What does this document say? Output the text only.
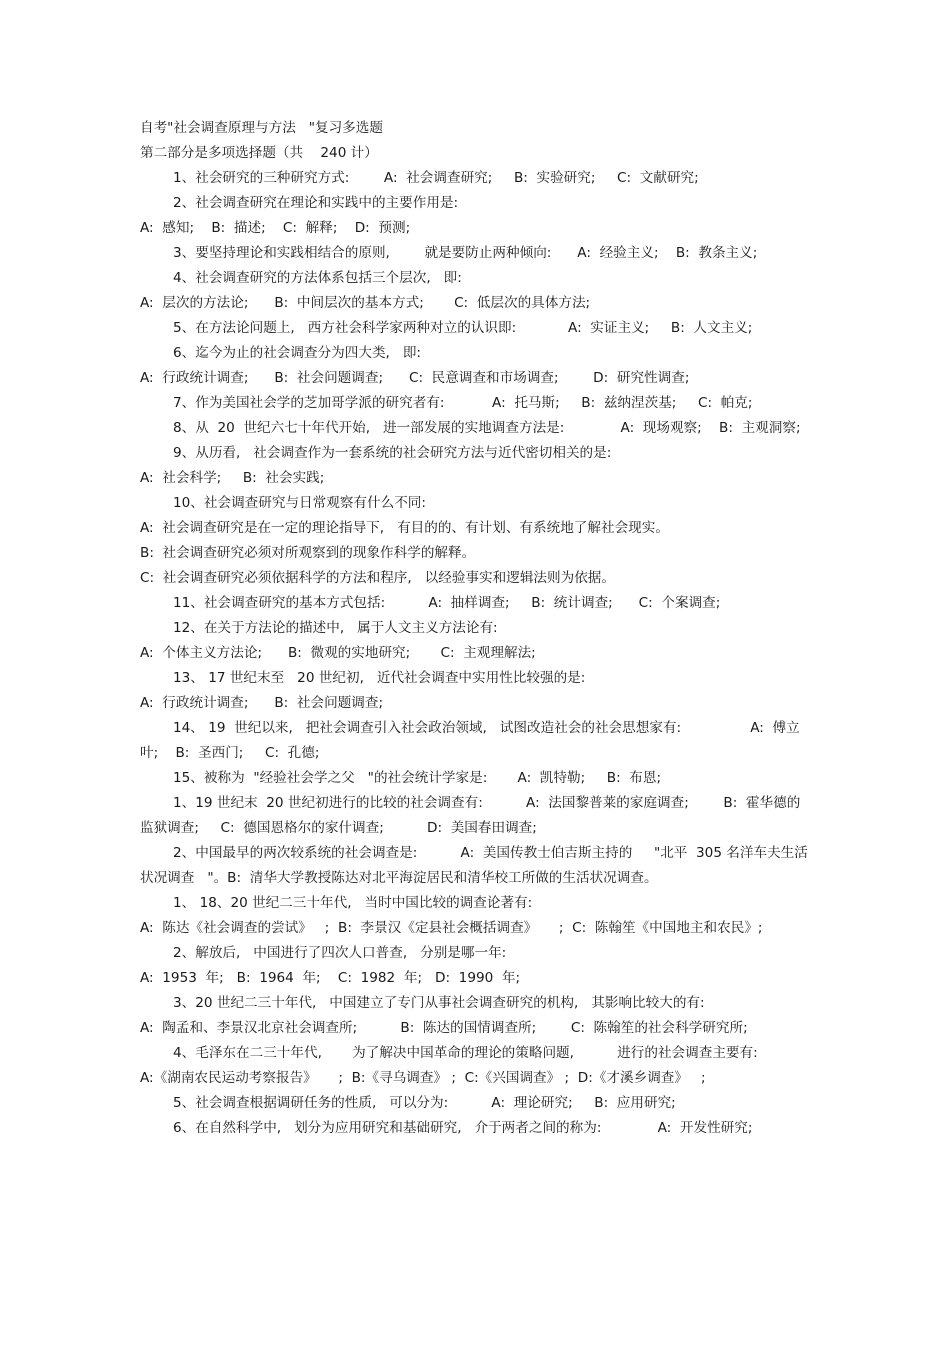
自考"社会调查原理与方法   "复习多选题
第二部分是多项选择题（共    240 计）
1、社会研究的三种研究方式:        A:  社会调查研究;     B:  实验研究;     C:  文献研究;
2、社会调查研究在理论和实践中的主要作用是:
A:  感知;    B:  描述;    C:  解释;    D:  预测;
3、要坚持理论和实践相结合的原则,        就是要防止两种倾向:      A:  经验主义;    B:  教条主义;
4、社会调查研究的方法体系包括三个层次,   即:
A:  层次的方法论;      B:  中间层次的基本方式;       C:  低层次的具体方法;
5、在方法论问题上,   西方社会科学家两种对立的认识即:            A:  实证主义;     B:  人文主义;
6、迄今为止的社会调查分为四大类,   即:
A:  行政统计调查;      B:  社会问题调查;      C:  民意调查和市场调查;        D:  研究性调查;
7、作为美国社会学的芝加哥学派的研究者有:           A:  托马斯;     B:  兹纳涅茨基;     C:  帕克;
8、从  20  世纪六七十年代开始,   进一部发展的实地调查方法是:             A:  现场观察;    B:  主观洞察;
9、从历看,   社会调查作为一套系统的社会研究方法与近代密切相关的是:
A:  社会科学;     B:  社会实践;
10、社会调查研究与日常观察有什么不同:
A:  社会调查研究是在一定的理论指导下,   有目的的、有计划、有系统地了解社会现实。
B:  社会调查研究必须对所观察到的现象作科学的解释。
C:  社会调查研究必须依据科学的方法和程序,   以经验事实和逻辑法则为依据。
11、社会调查研究的基本方式包括:          A:  抽样调查;     B:  统计调查;      C:  个案调查;
12、在关于方法论的描述中,   属于人文主义方法论有:
A:  个体主义方法论;      B:  微观的实地研究;       C:  主观理解法;
13、 17 世纪末至   20 世纪初,   近代社会调查中实用性比较强的是:
A:  行政统计调查;      B:  社会问题调查;
14、 19  世纪以来,   把社会调查引入社会政治领域,   试图改造社会的社会思想家有:                A:  傅立叶;    B:  圣西门;     C:  孔德;
15、被称为  "经验社会学之父   "的社会统计学家是:       A:  凯特勒;     B:  布恩;
1、19 世纪末  20 世纪初进行的比较的社会调查有:          A:  法国黎普莱的家庭调查;        B:  霍华德的监狱调查;     C:  德国恩格尔的家什调查;          D:  美国春田调查;
2、中国最早的两次较系统的社会调查是:          A:  美国传教士伯吉斯主持的     "北平  305 名洋车夫生活状况调查   "。B:  清华大学教授陈达对北平海淀居民和清华校工所做的生活状况调查。
1、 18、20 世纪二三十年代,   当时中国比较的调查论著有:
A:  陈达《社会调查的尝试》   ;  B:  李景汉《定县社会概括调查》     ;  C:  陈翰笙《中国地主和农民》;
2、解放后,   中国进行了四次人口普查,   分别是哪一年:
A:  1953  年;   B:  1964  年;    C:  1982  年;   D:  1990  年;
3、20 世纪二三十年代,   中国建立了专门从事社会调查研究的机构,   其影响比较大的有:
A:  陶孟和、李景汉北京社会调查所;          B:  陈达的国情调查所;        C:  陈翰笙的社会科学研究所;
4、毛泽东在二三十年代,       为了解决中国革命的理论的策略问题,          进行的社会调查主要有:
A:《湖南农民运动考察报告》     ;  B:《寻乌调查》 ;  C:《兴国调查》 ;  D:《才溪乡调查》   ;
5、社会调查根据调研任务的性质,   可以分为:          A:  理论研究;     B:  应用研究;
6、在自然科学中,   划分为应用研究和基础研究,   介于两者之间的称为:             A:  开发性研究;
